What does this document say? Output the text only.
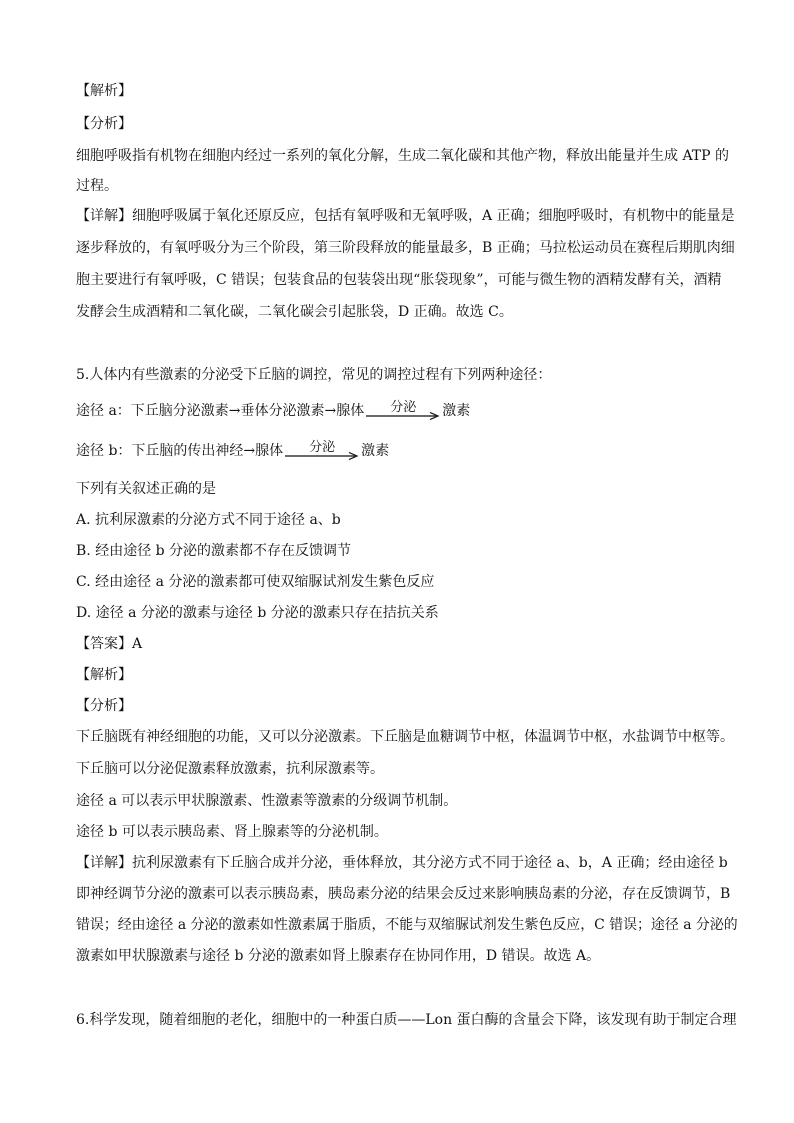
【解析】
【分析】
细胞呼吸指有机物在细胞内经过一系列的氧化分解，生成二氧化碳和其他产物，释放出能量并生成 ATP 的
过程。
【详解】细胞呼吸属于氧化还原反应，包括有氧呼吸和无氧呼吸，A 正确；细胞呼吸时，有机物中的能量是
逐步释放的，有氧呼吸分为三个阶段，第三阶段释放的能量最多，B 正确；马拉松运动员在赛程后期肌肉细
胞主要进行有氧呼吸，C 错误；包装食品的包装袋出现“胀袋现象”，可能与微生物的酒精发酵有关，酒精
发酵会生成酒精和二氧化碳，二氧化碳会引起胀袋，D 正确。故选 C。
5.人体内有些激素的分泌受下丘脑的调控，常见的调控过程有下列两种途径：
途径 a：下丘脑分泌激素→垂体分泌激素→腺体	分泌	激素
途径 b：下丘脑的传出神经→腺体	分泌	激素
下列有关叙述正确的是
A. 抗利尿激素的分泌方式不同于途径 a、b
B. 经由途径 b 分泌的激素都不存在反馈调节
C. 经由途径 a 分泌的激素都可使双缩脲试剂发生紫色反应
D. 途径 a 分泌的激素与途径 b 分泌的激素只存在拮抗关系
【答案】A
【解析】
【分析】
下丘脑既有神经细胞的功能，又可以分泌激素。下丘脑是血糖调节中枢，体温调节中枢，水盐调节中枢等。
下丘脑可以分泌促激素释放激素，抗利尿激素等。
途径 a 可以表示甲状腺激素、性激素等激素的分级调节机制。
途径 b 可以表示胰岛素、肾上腺素等的分泌机制。
【详解】抗利尿激素有下丘脑合成并分泌，垂体释放，其分泌方式不同于途径 a、b，A 正确；经由途径 b
即神经调节分泌的激素可以表示胰岛素，胰岛素分泌的结果会反过来影响胰岛素的分泌，存在反馈调节，B
错误；经由途径 a 分泌的激素如性激素属于脂质，不能与双缩脲试剂发生紫色反应，C 错误；途径 a 分泌的
激素如甲状腺激素与途径 b 分泌的激素如肾上腺素存在协同作用，D 错误。故选 A。
6.科学发现，随着细胞的老化，细胞中的一种蛋白质——Lon 蛋白酶的含量会下降，该发现有助于制定合理
